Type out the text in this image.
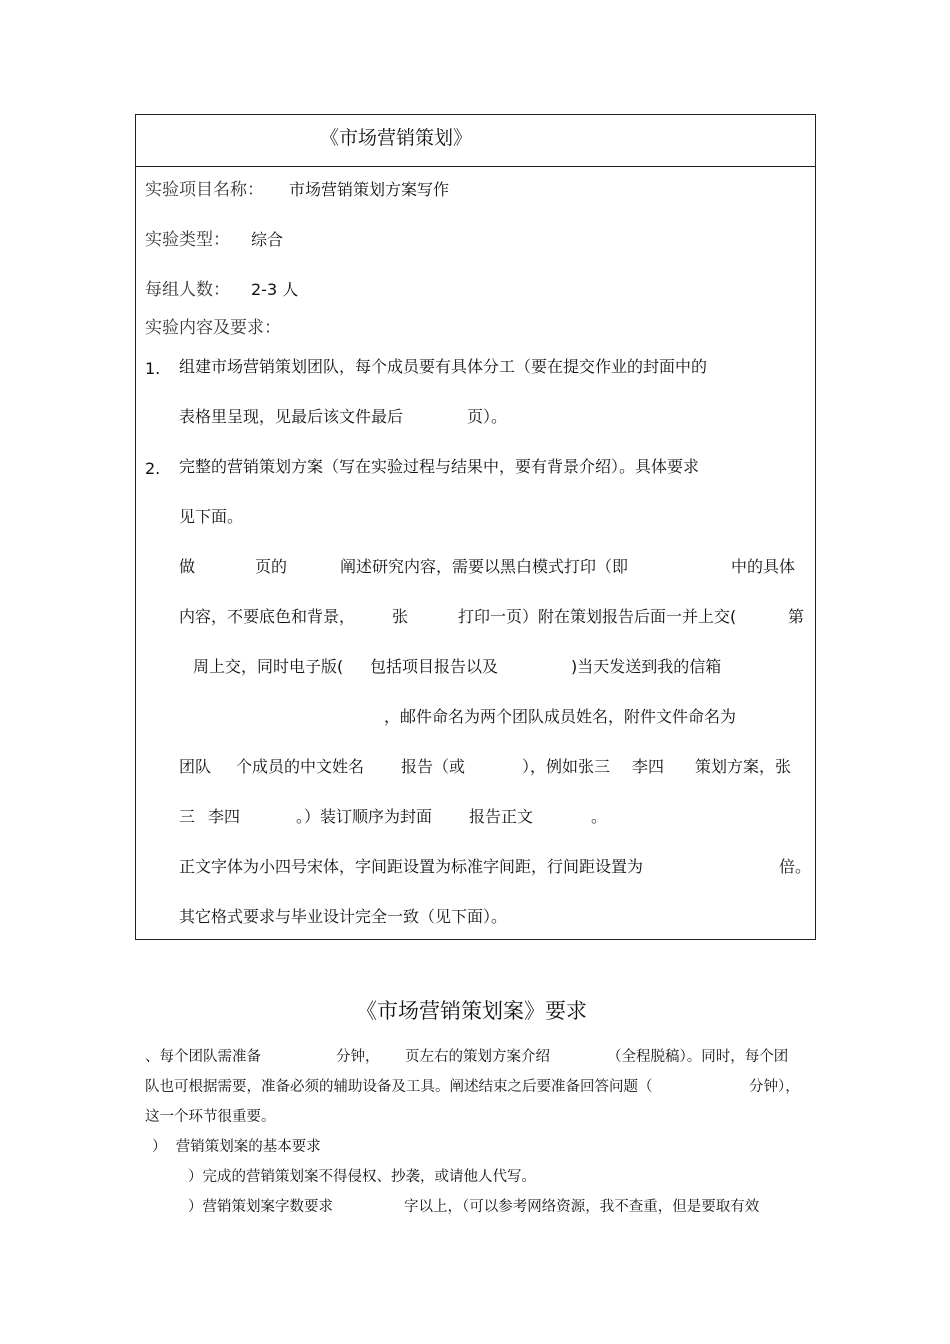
《市场营销策划》
实验项目名称： 市场营销策划方案写作
实验类型： 综合
每组人数： 2-3 人
实验内容及要求：
1. 组建市场营销策划团队，每个成员要有具体分工（要在提交作业的封面中的
表格里呈现，见最后该文件最后	页）。
2. 完整的营销策划方案（写在实验过程与结果中，要有背景介绍）。具体要求
见下面。
做	页的	阐述研究内容，需要以黑白模式打印（即	中的具体
内容，不要底色和背景， 张	打印一页）附在策划报告后面一并上交(	第
周上交，同时电子版( 包括项目报告以及	)当天发送到我的信箱
，邮件命名为两个团队成员姓名，附件文件命名为
团队 个成员的中文姓名 报告（或	），例如张三 李四 策划方案，张
三 李四	。）装订顺序为封面 报告正文	。
正文字体为小四号宋体，字间距设置为标准字间距，行间距设置为	倍。
其它格式要求与毕业设计完全一致（见下面）。
《市场营销策划案》要求
、每个团队需准备	分钟， 页左右的策划方案介绍	（全程脱稿）。同时，每个团
队也可根据需要，准备必须的辅助设备及工具。阐述结束之后要准备回答问题（	分钟），
这一个环节很重要。
）  营销策划案的基本要求
）完成的营销策划案不得侵权、抄袭，或请他人代写。
）营销策划案字数要求	字以上，（可以参考网络资源，我不查重，但是要取有效
